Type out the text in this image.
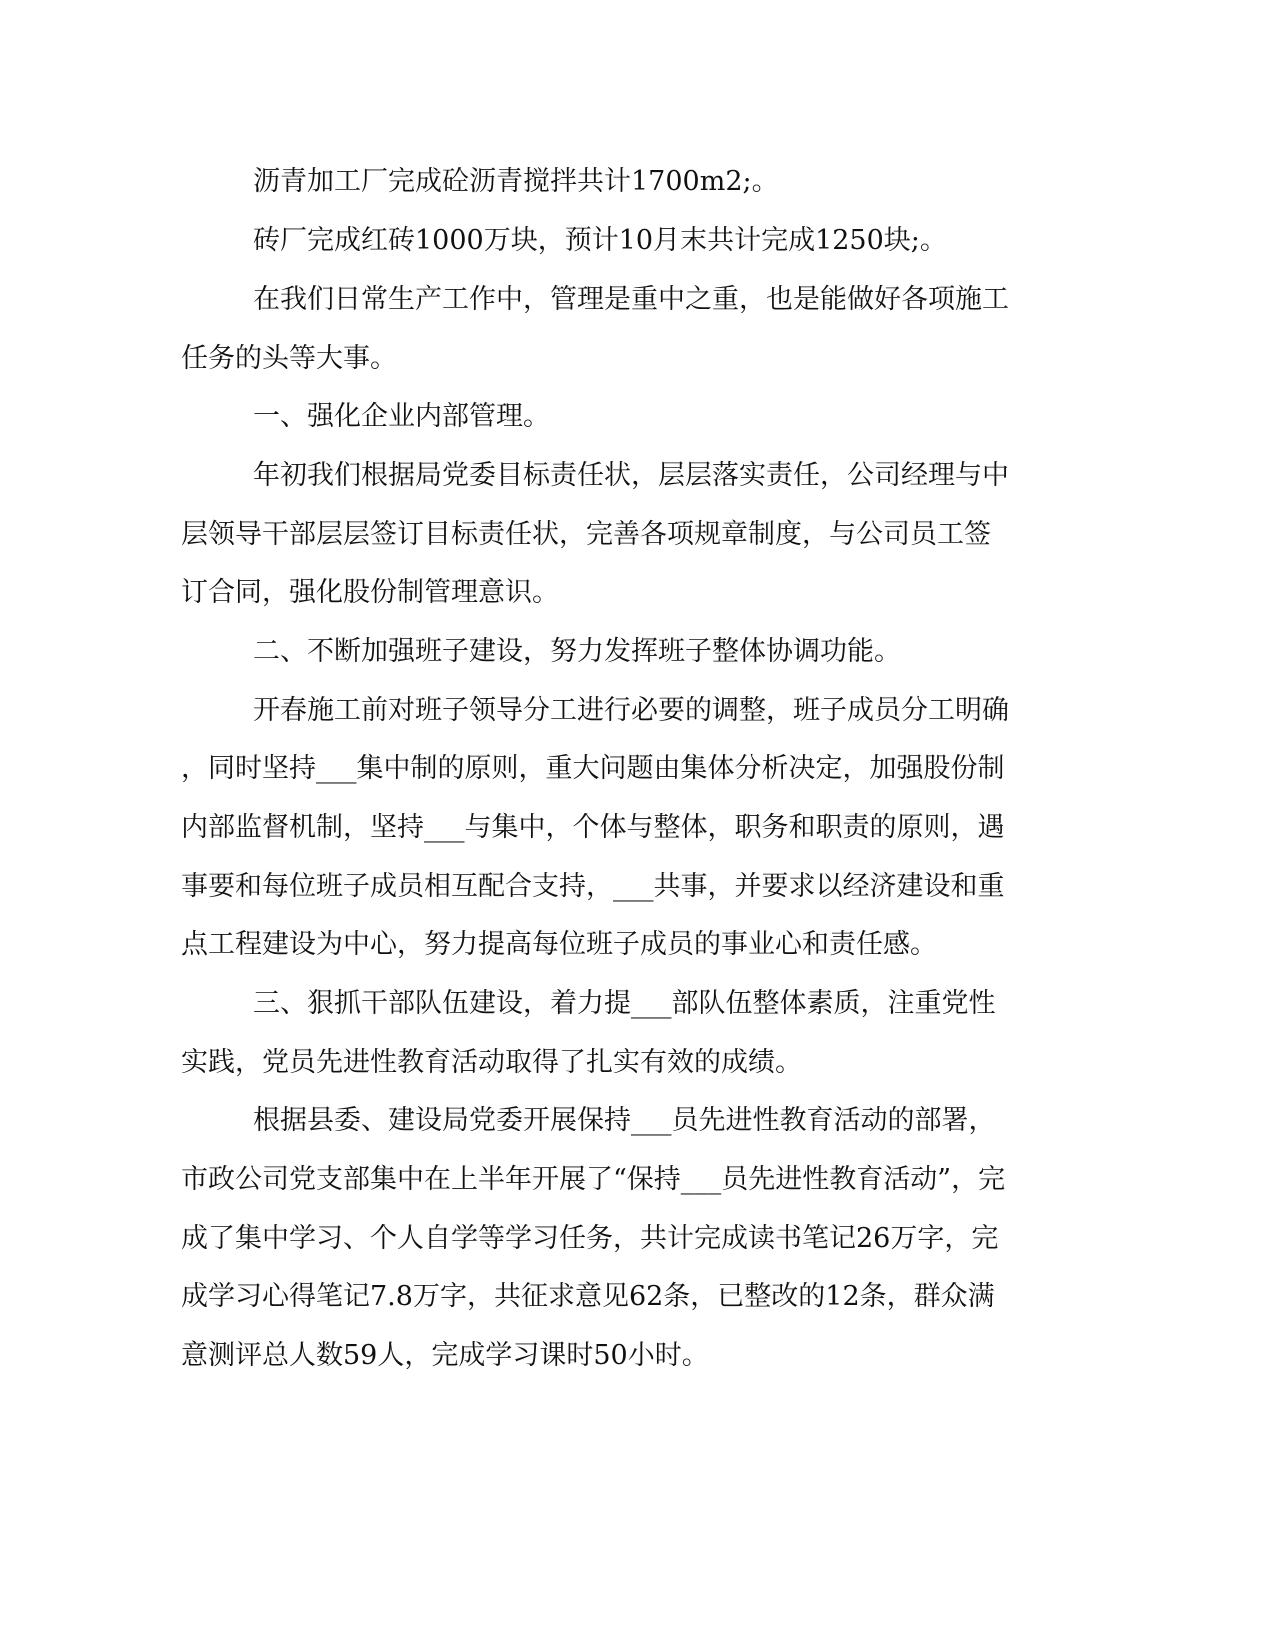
沥青加工厂完成砼沥青搅拌共计1700m2;。
砖厂完成红砖1000万块，预计10月末共计完成1250块;。
在我们日常生产工作中，管理是重中之重，也是能做好各项施工
任务的头等大事。
一、强化企业内部管理。
年初我们根据局党委目标责任状，层层落实责任，公司经理与中
层领导干部层层签订目标责任状，完善各项规章制度，与公司员工签
订合同，强化股份制管理意识。
二、不断加强班子建设，努力发挥班子整体协调功能。
开春施工前对班子领导分工进行必要的调整，班子成员分工明确
，同时坚持___集中制的原则，重大问题由集体分析决定，加强股份制
内部监督机制，坚持___与集中，个体与整体，职务和职责的原则，遇
事要和每位班子成员相互配合支持，___共事，并要求以经济建设和重
点工程建设为中心，努力提高每位班子成员的事业心和责任感。
三、狠抓干部队伍建设，着力提___部队伍整体素质，注重党性
实践，党员先进性教育活动取得了扎实有效的成绩。
根据县委、建设局党委开展保持___员先进性教育活动的部署，
市政公司党支部集中在上半年开展了“保持___员先进性教育活动”，完
成了集中学习、个人自学等学习任务，共计完成读书笔记26万字，完
成学习心得笔记7.8万字，共征求意见62条，已整改的12条，群众满
意测评总人数59人，完成学习课时50小时。
